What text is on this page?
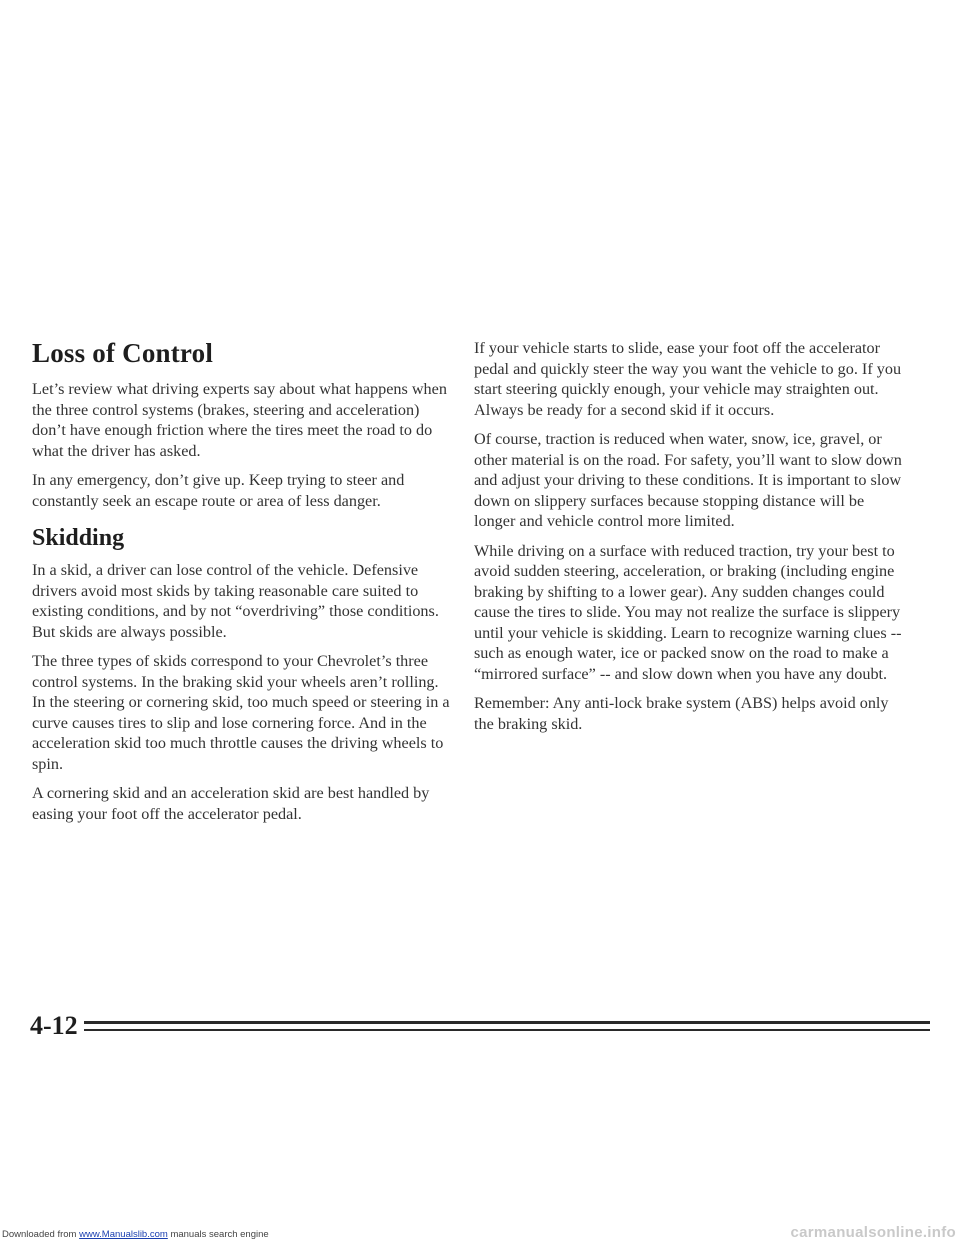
Loss of Control

Let’s review what driving experts say about what happens when the three control systems (brakes, steering and acceleration) don’t have enough friction where the tires meet the road to do what the driver has asked.

In any emergency, don’t give up. Keep trying to steer and constantly seek an escape route or area of less danger.

Skidding

In a skid, a driver can lose control of the vehicle. Defensive drivers avoid most skids by taking reasonable care suited to existing conditions, and by not “overdriving” those conditions. But skids are always possible.

The three types of skids correspond to your Chevrolet’s three control systems. In the braking skid your wheels aren’t rolling. In the steering or cornering skid, too much speed or steering in a curve causes tires to slip and lose cornering force. And in the acceleration skid too much throttle causes the driving wheels to spin.

A cornering skid and an acceleration skid are best handled by easing your foot off the accelerator pedal.

If your vehicle starts to slide, ease your foot off the accelerator pedal and quickly steer the way you want the vehicle to go. If you start steering quickly enough, your vehicle may straighten out. Always be ready for a second skid if it occurs.

Of course, traction is reduced when water, snow, ice, gravel, or other material is on the road. For safety, you’ll want to slow down and adjust your driving to these conditions. It is important to slow down on slippery surfaces because stopping distance will be longer and vehicle control more limited.

While driving on a surface with reduced traction, try your best to avoid sudden steering, acceleration, or braking (including engine braking by shifting to a lower gear). Any sudden changes could cause the tires to slide. You may not realize the surface is slippery until your vehicle is skidding. Learn to recognize warning clues -- such as enough water, ice or packed snow on the road to make a “mirrored surface” -- and slow down when you have any doubt.

Remember: Any anti-lock brake system (ABS) helps avoid only the braking skid.

4-12
Downloaded from www.Manualslib.com manuals search engine	carmanualsonline.info
